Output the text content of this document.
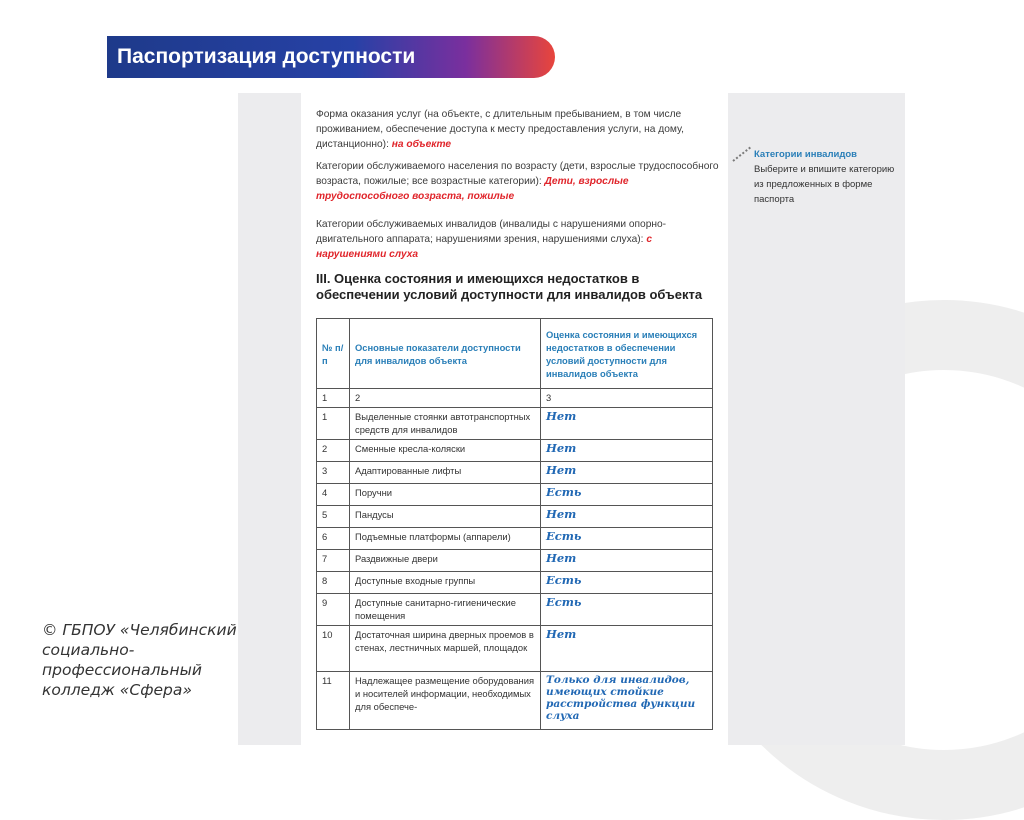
Паспортизация доступности
Форма оказания услуг (на объекте, с длительным пребыванием, в том числе проживанием, обеспечение доступа к месту предоставления услуги, на дому, дистанционно): на объекте
Категории обслуживаемого населения по возрасту (дети, взрослые трудоспособного возраста, пожилые; все возрастные категории): Дети, взрослые трудоспособного возраста, пожилые
Категории обслуживаемых инвалидов (инвалиды с нарушениями опорно-двигательного аппарата; нарушениями зрения, нарушениями слуха): с нарушениями слуха
III. Оценка состояния и имеющихся недостатков в обеспечении условий доступности для инвалидов объекта
№ п/п	Основные показатели доступности для инвалидов объекта	Оценка состояния и имеющихся недостатков в обеспечении условий доступности для инвалидов объекта
1	2	3
1	Выделенные стоянки автотранспортных средств для инвалидов	Нет
2	Сменные кресла-коляски	Нет
3	Адаптированные лифты	Нет
4	Поручни	Есть
5	Пандусы	Нет
6	Подъемные платформы (аппарели)	Есть
7	Раздвижные двери	Нет
8	Доступные входные группы	Есть
9	Доступные санитарно-гигиенические помещения	Есть
10	Достаточная ширина дверных проемов в стенах, лестничных маршей, площадок	Нет
11	Надлежащее размещение оборудования и носителей информации, необходимых для обеспече-	Только для инвалидов, имеющих стойкие расстройства функции слуха
Категории инвалидов
Выберите и впишите категорию из предложенных в форме паспорта
© ГБПОУ «Челябинский социально-профессиональный колледж «Сфера»
